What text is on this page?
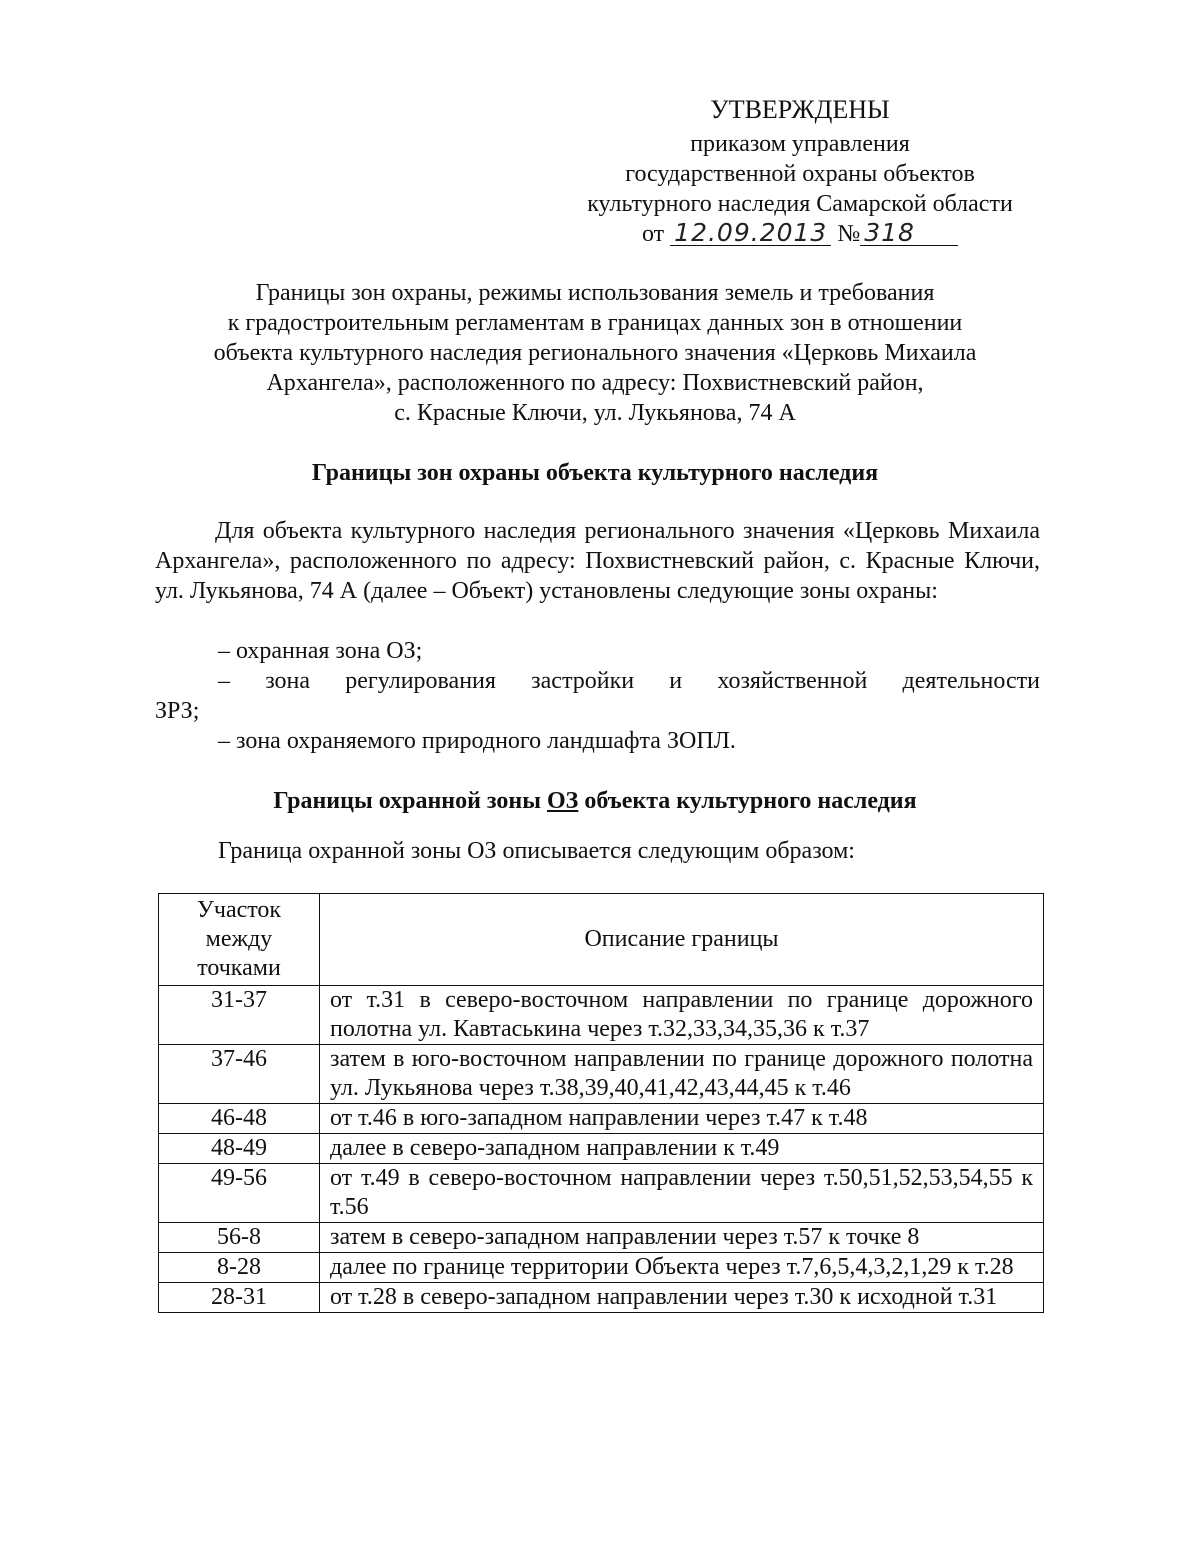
УТВЕРЖДЕНЫ
приказом управления
государственной охраны объектов
культурного наследия Самарской области
от 12.09.2013 № 318
Границы зон охраны, режимы использования земель и требования
к градостроительным регламентам в границах данных зон в отношении
объекта культурного наследия регионального значения «Церковь Михаила
Архангела», расположенного по адресу: Похвистневский район,
с. Красные Ключи, ул. Лукьянова, 74 А
Границы зон охраны объекта культурного наследия
Для объекта культурного наследия регионального значения «Церковь Михаила Архангела», расположенного по адресу: Похвистневский район, с. Красные Ключи, ул. Лукьянова, 74 А (далее – Объект) установлены следующие зоны охраны:
– охранная зона ОЗ;
– зона регулирования застройки и хозяйственной деятельности
ЗРЗ;
– зона охраняемого природного ландшафта ЗОПЛ.
Границы охранной зоны ОЗ объекта культурного наследия
Граница охранной зоны ОЗ описывается следующим образом:
Участок
между
точками	Описание границы
31-37	от т.31 в северо-восточном направлении по границе дорожного полотна ул. Кавтаськина через т.32,33,34,35,36 к т.37
37-46	затем в юго-восточном направлении по границе дорожного полотна ул. Лукьянова через т.38,39,40,41,42,43,44,45 к т.46
46-48	от т.46 в юго-западном направлении через т.47 к т.48
48-49	далее в северо-западном направлении к т.49
49-56	от т.49 в северо-восточном направлении через т.50,51,52,53,54,55 к т.56
56-8	затем в северо-западном направлении через т.57 к точке 8
8-28	далее по границе территории Объекта через т.7,6,5,4,3,2,1,29 к т.28
28-31	от т.28 в северо-западном направлении через т.30 к исходной т.31
